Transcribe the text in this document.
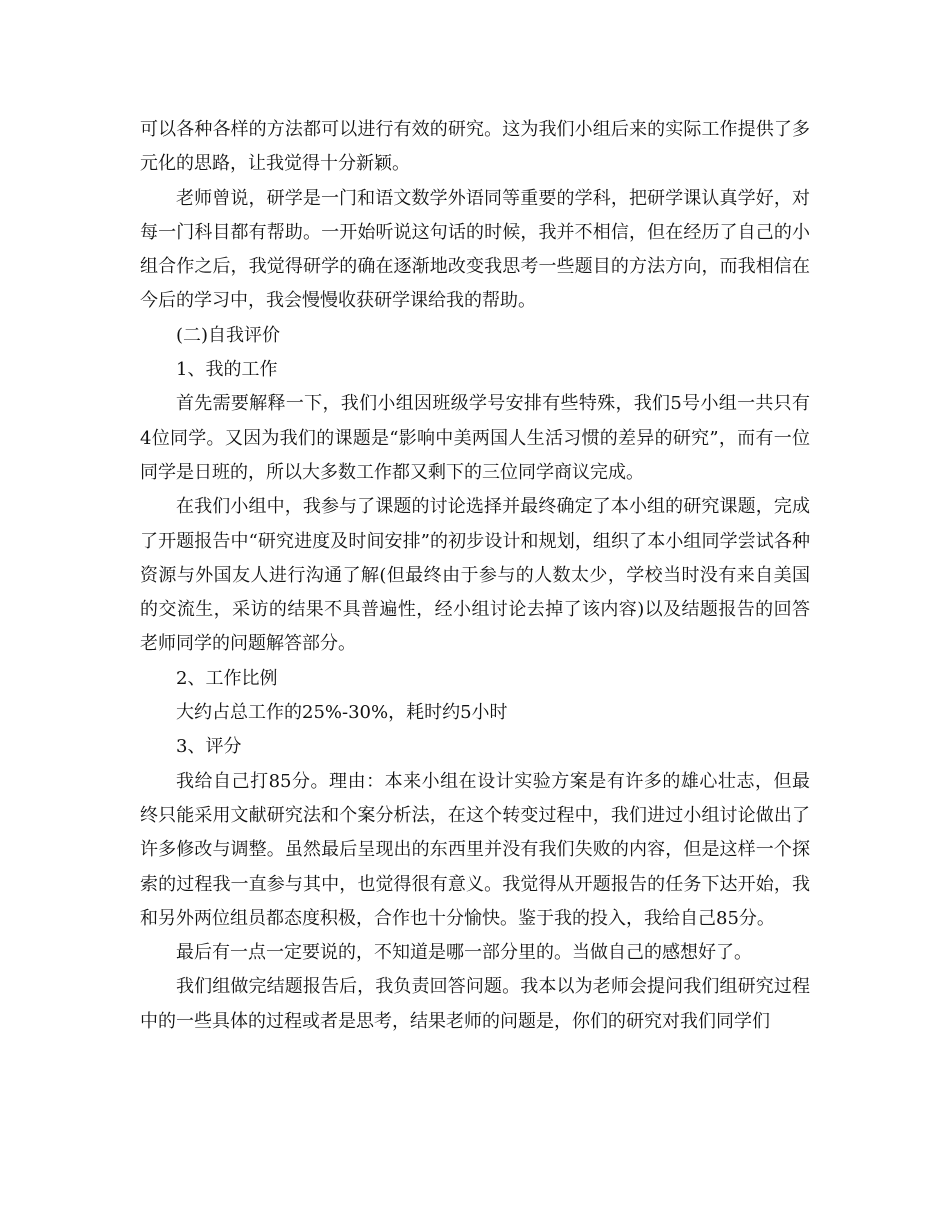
可以各种各样的方法都可以进行有效的研究。这为我们小组后来的实际工作提供了多元化的思路，让我觉得十分新颖。

老师曾说，研学是一门和语文数学外语同等重要的学科，把研学课认真学好，对每一门科目都有帮助。一开始听说这句话的时候，我并不相信，但在经历了自己的小组合作之后，我觉得研学的确在逐渐地改变我思考一些题目的方法方向，而我相信在今后的学习中，我会慢慢收获研学课给我的帮助。

(二)自我评价

1、我的工作

首先需要解释一下，我们小组因班级学号安排有些特殊，我们5号小组一共只有4位同学。又因为我们的课题是“影响中美两国人生活习惯的差异的研究”，而有一位同学是日班的，所以大多数工作都又剩下的三位同学商议完成。

在我们小组中，我参与了课题的讨论选择并最终确定了本小组的研究课题，完成了开题报告中“研究进度及时间安排”的初步设计和规划，组织了本小组同学尝试各种资源与外国友人进行沟通了解(但最终由于参与的人数太少，学校当时没有来自美国的交流生，采访的结果不具普遍性，经小组讨论去掉了该内容)以及结题报告的回答老师同学的问题解答部分。

2、工作比例

大约占总工作的25%-30%，耗时约5小时

3、评分

我给自己打85分。理由：本来小组在设计实验方案是有许多的雄心壮志，但最终只能采用文献研究法和个案分析法，在这个转变过程中，我们进过小组讨论做出了许多修改与调整。虽然最后呈现出的东西里并没有我们失败的内容，但是这样一个探索的过程我一直参与其中，也觉得很有意义。我觉得从开题报告的任务下达开始，我和另外两位组员都态度积极，合作也十分愉快。鉴于我的投入，我给自己85分。

最后有一点一定要说的，不知道是哪一部分里的。当做自己的感想好了。

我们组做完结题报告后，我负责回答问题。我本以为老师会提问我们组研究过程中的一些具体的过程或者是思考，结果老师的问题是，你们的研究对我们同学们
